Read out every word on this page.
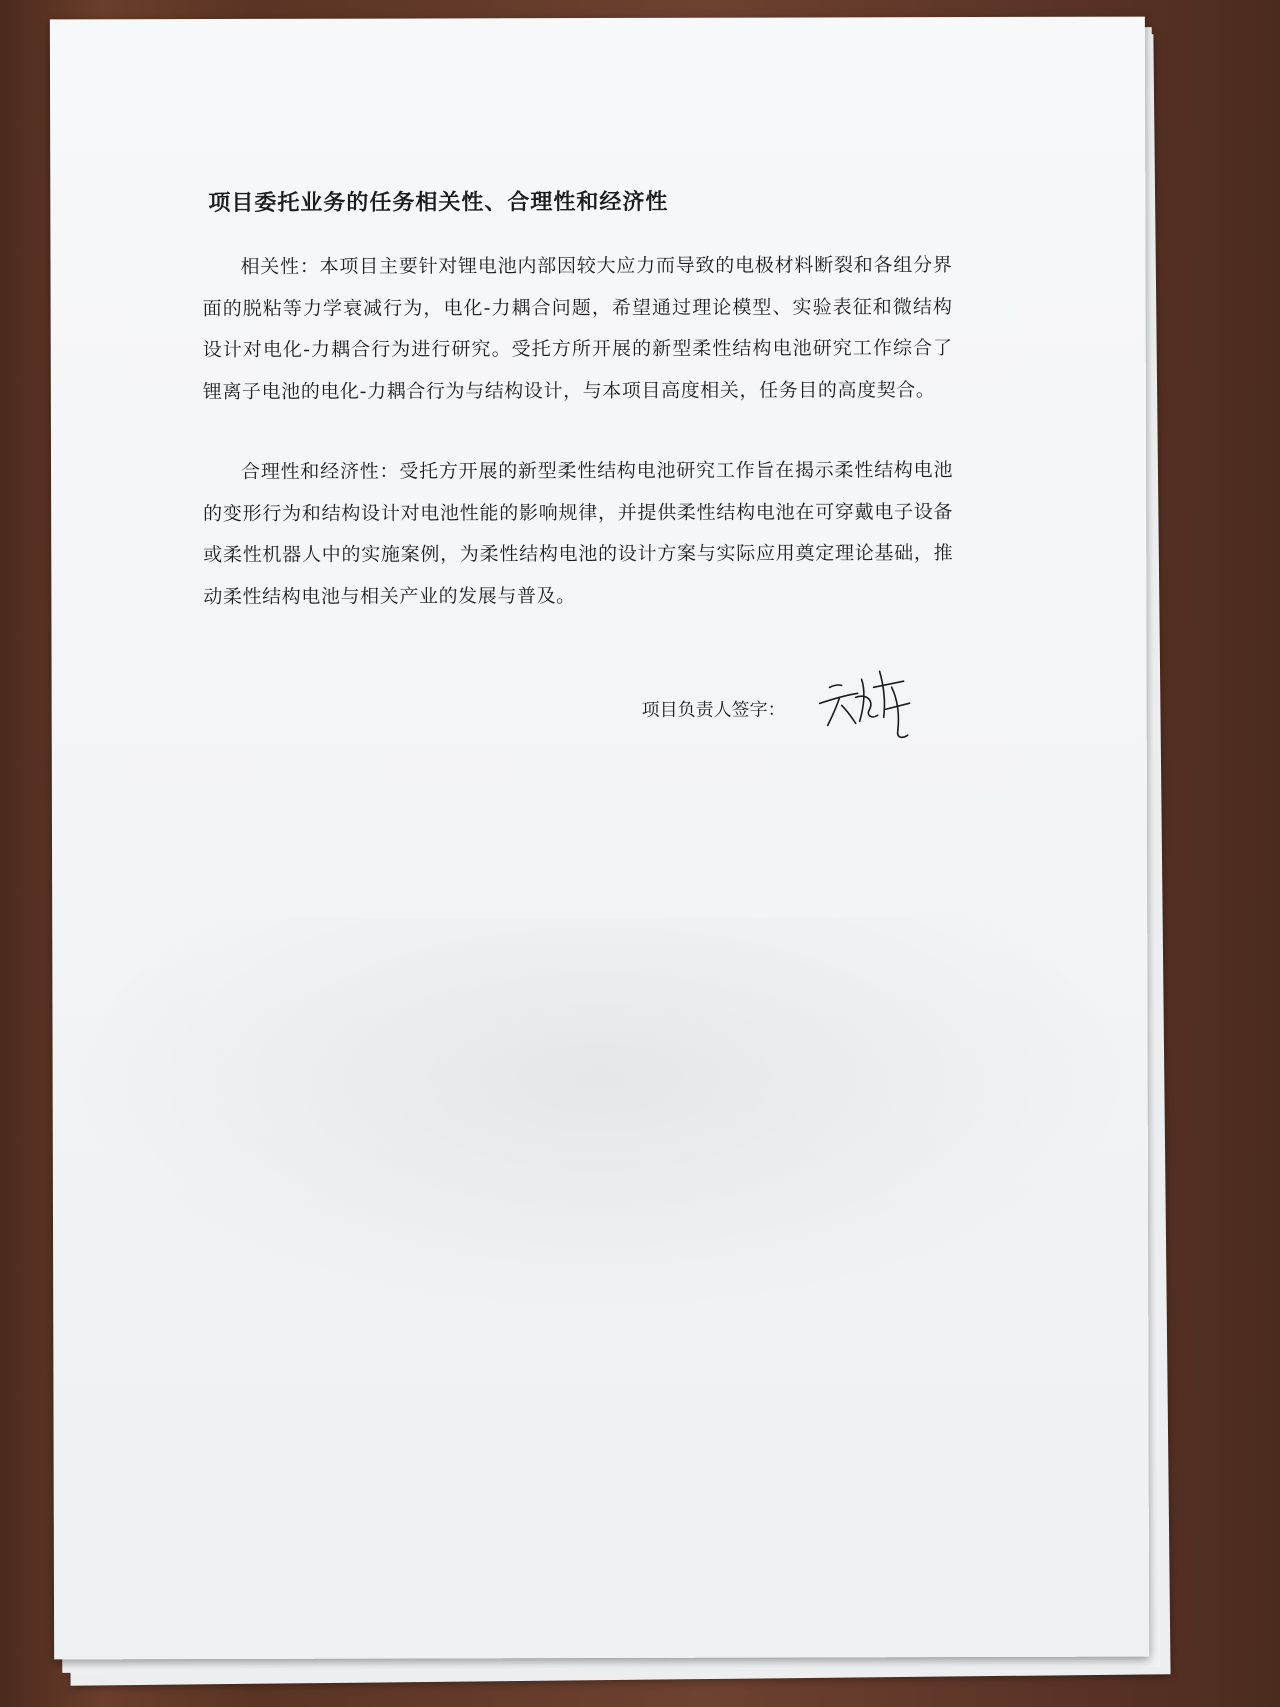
项目委托业务的任务相关性、合理性和经济性
相关性：本项目主要针对锂电池内部因较大应力而导致的电极材料断裂和各组分界面的脱粘等力学衰减行为，电化-力耦合问题，希望通过理论模型、实验表征和微结构设计对电化-力耦合行为进行研究。受托方所开展的新型柔性结构电池研究工作综合了锂离子电池的电化-力耦合行为与结构设计，与本项目高度相关，任务目的高度契合。
合理性和经济性：受托方开展的新型柔性结构电池研究工作旨在揭示柔性结构电池的变形行为和结构设计对电池性能的影响规律，并提供柔性结构电池在可穿戴电子设备或柔性机器人中的实施案例，为柔性结构电池的设计方案与实际应用奠定理论基础，推动柔性结构电池与相关产业的发展与普及。
项目负责人签字：
